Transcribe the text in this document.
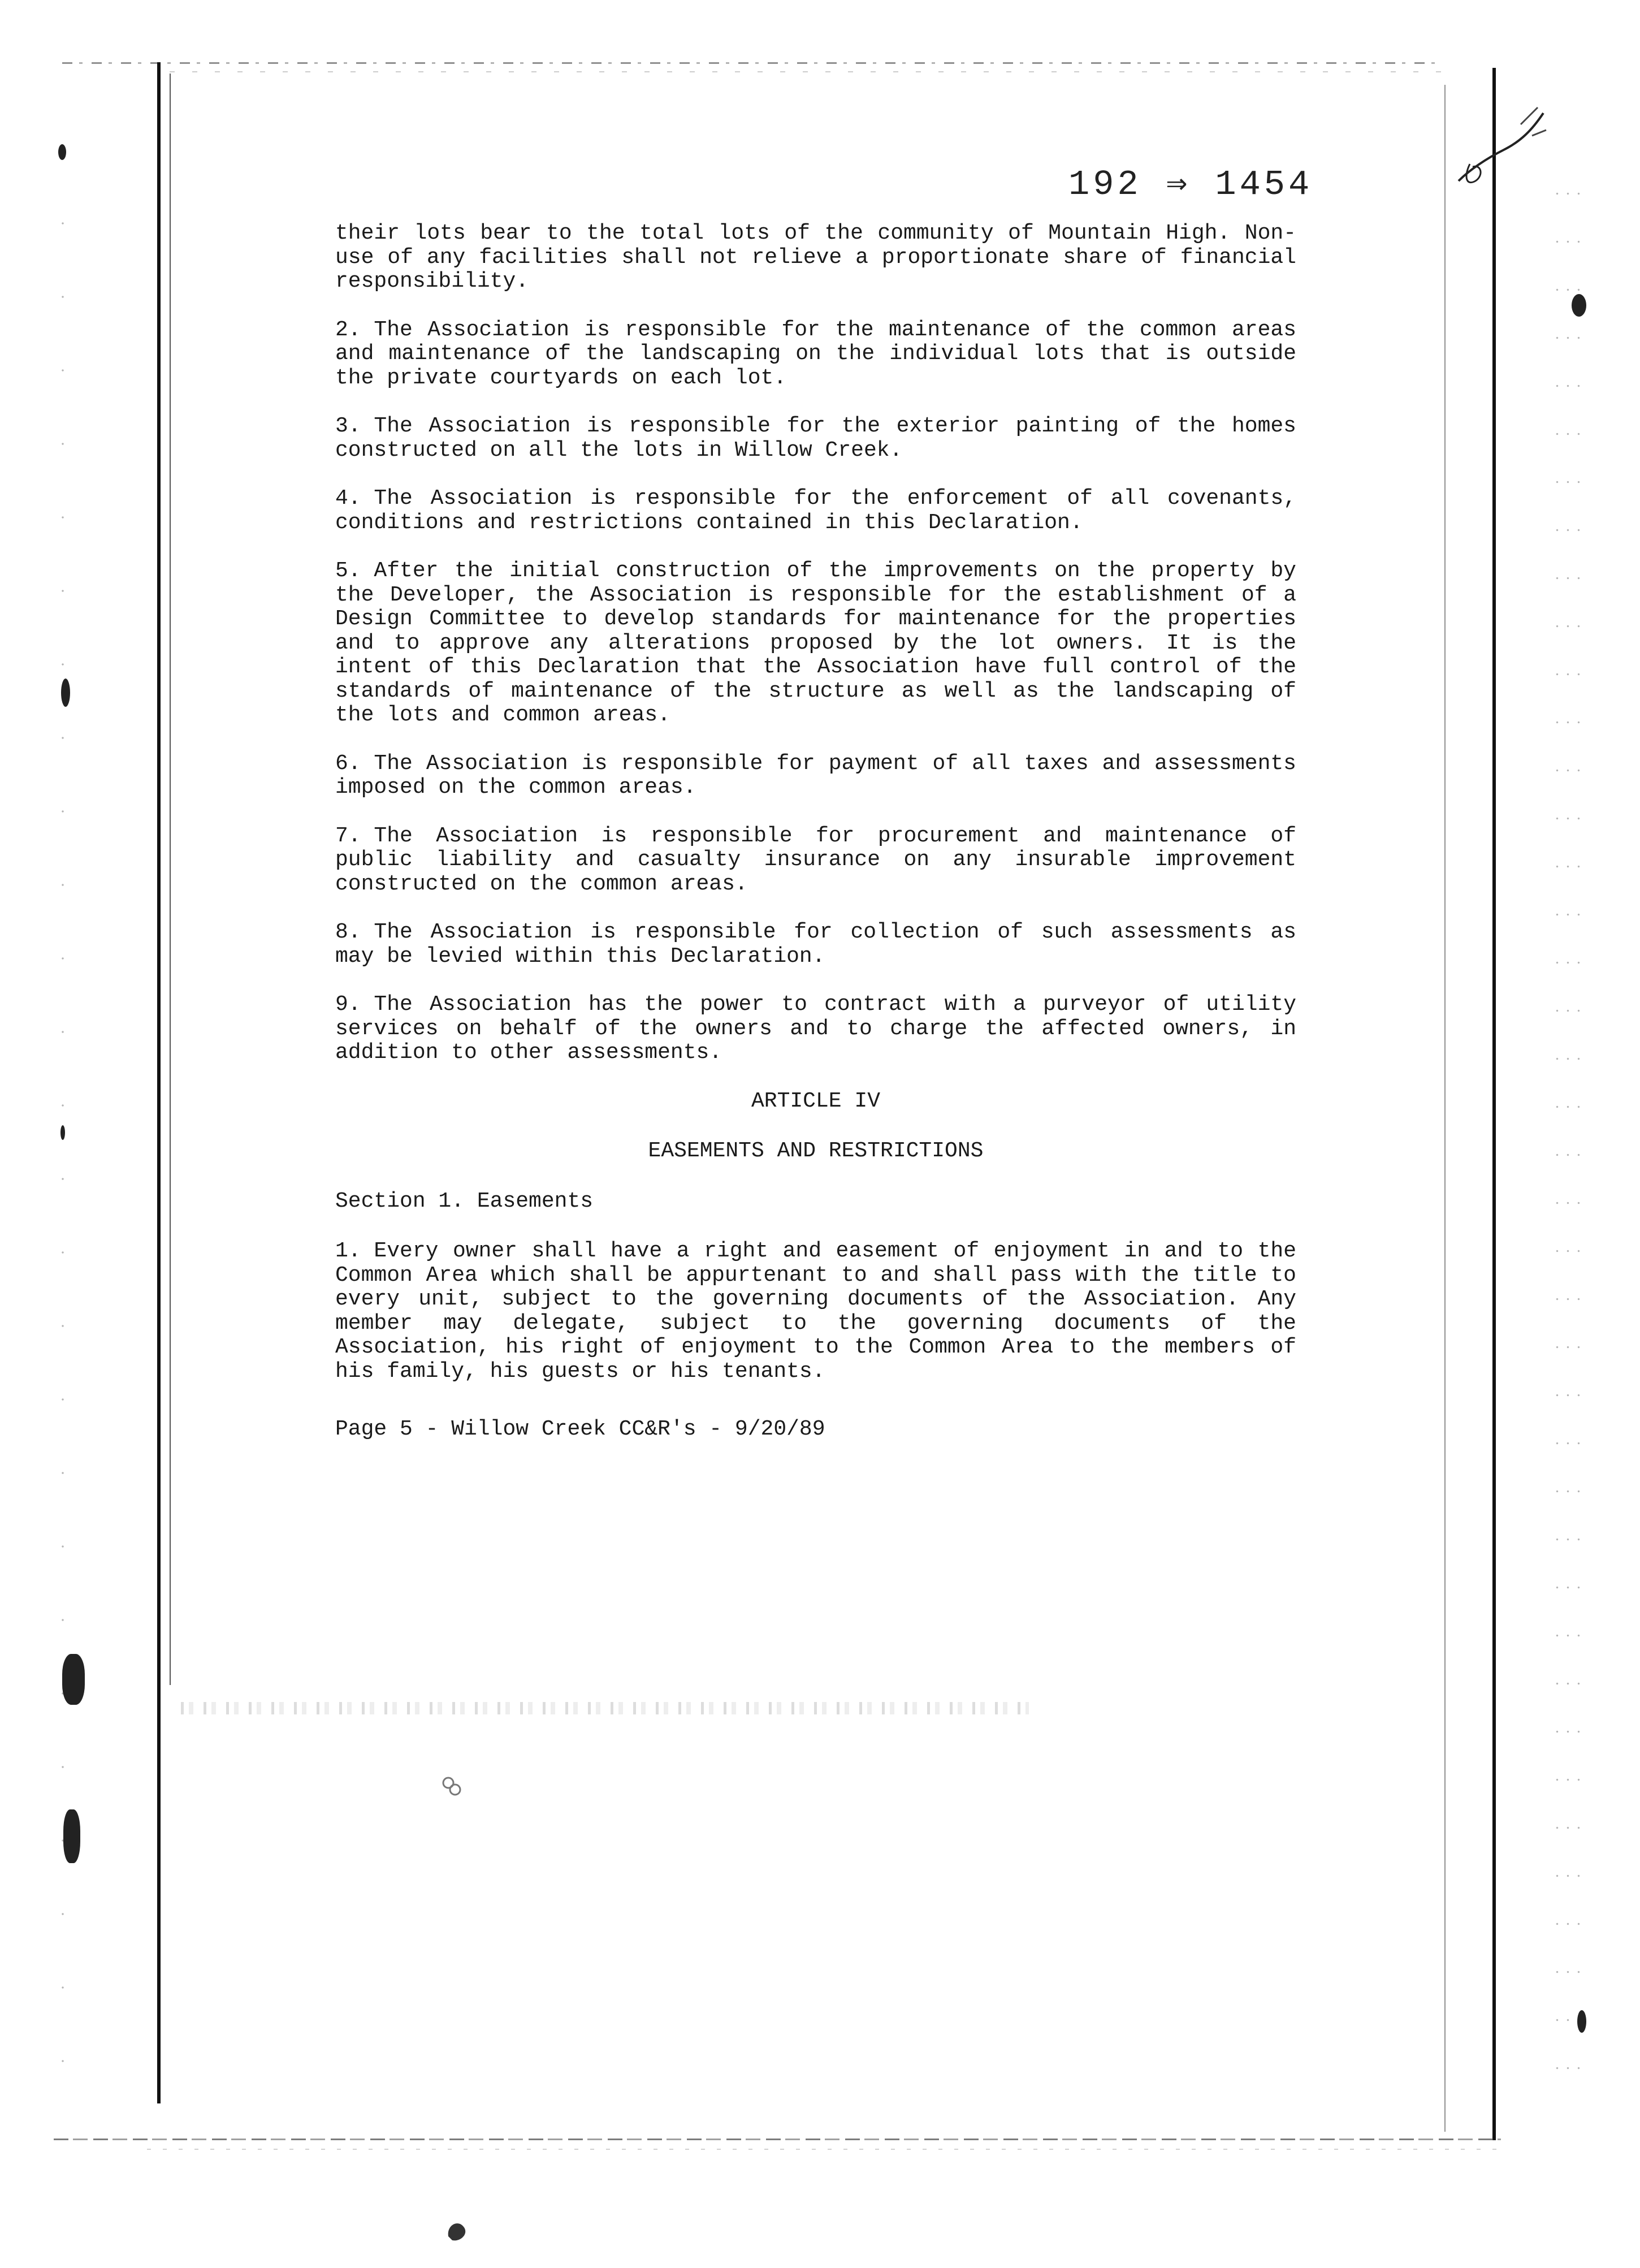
192 ⇒ 1454

their lots bear to the total lots of the community of Mountain High. Non-use of any facilities shall not relieve a proportionate share of financial responsibility.

2. The Association is responsible for the maintenance of the common areas and maintenance of the landscaping on the individual lots that is outside the private courtyards on each lot.

3. The Association is responsible for the exterior painting of the homes constructed on all the lots in Willow Creek.

4. The Association is responsible for the enforcement of all covenants, conditions and restrictions contained in this Declaration.

5. After the initial construction of the improvements on the property by the Developer, the Association is responsible for the establishment of a Design Committee to develop standards for maintenance for the properties and to approve any alterations proposed by the lot owners. It is the intent of this Declaration that the Association have full control of the standards of maintenance of the structure as well as the landscaping of the lots and common areas.

6. The Association is responsible for payment of all taxes and assessments imposed on the common areas.

7. The Association is responsible for procurement and maintenance of public liability and casualty insurance on any insurable improvement constructed on the common areas.

8. The Association is responsible for collection of such assessments as may be levied within this Declaration.

9. The Association has the power to contract with a purveyor of utility services on behalf of the owners and to charge the affected owners, in addition to other assessments.

ARTICLE IV
EASEMENTS AND RESTRICTIONS
Section 1. Easements

1. Every owner shall have a right and easement of enjoyment in and to the Common Area which shall be appurtenant to and shall pass with the title to every unit, subject to the governing documents of the Association. Any member may delegate, subject to the governing documents of the Association, his right of enjoyment to the Common Area to the members of his family, his guests or his tenants.

Page 5 - Willow Creek CC&R's - 9/20/89
